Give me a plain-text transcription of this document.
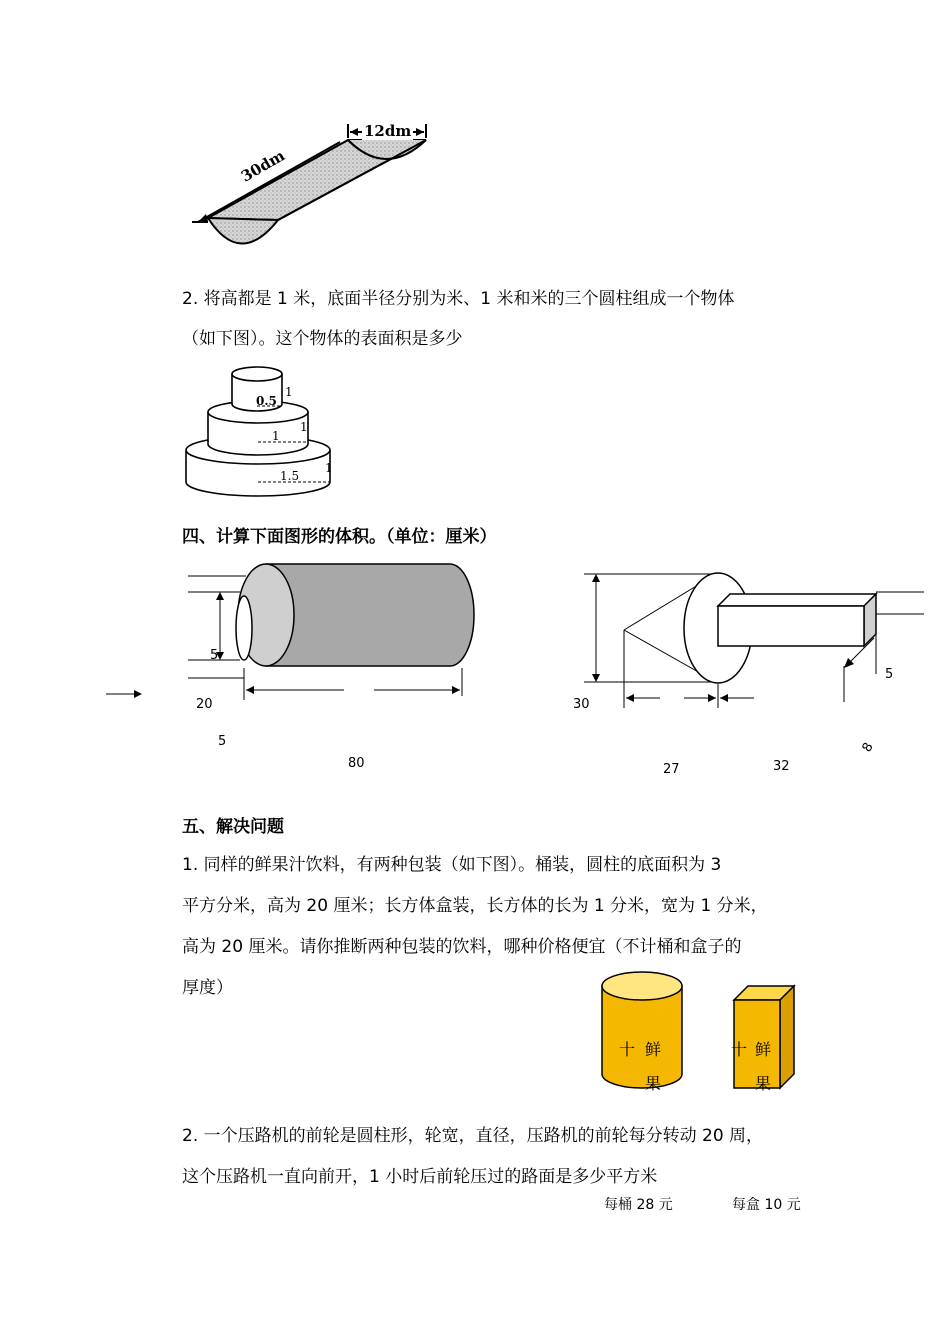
12dm
30dm
2. 将高都是 1 米，底面半径分别为米、1 米和米的三个圆柱组成一个物体
（如下图）。这个物体的表面积是多少
0.5
1
1
1
1.5
1
四、计算下面图形的体积。（单位：厘米）
5
20
5
80
30
5
27	32
8
五、解决问题
1. 同样的鲜果汁饮料，有两种包装（如下图）。桶装，圆柱的底面积为 3
平方分米，高为 20 厘米；长方体盒装，长方体的长为 1 分米，宽为 1 分米，
高为 20 厘米。请你推断两种包装的饮料，哪种价格便宜（不计桶和盒子的
厚度）
十 鲜
果
十 鲜
果
2. 一个压路机的前轮是圆柱形，轮宽，直径，压路机的前轮每分转动 20 周，
这个压路机一直向前开，1 小时后前轮压过的路面是多少平方米
每桶 28 元	每盒 10 元
